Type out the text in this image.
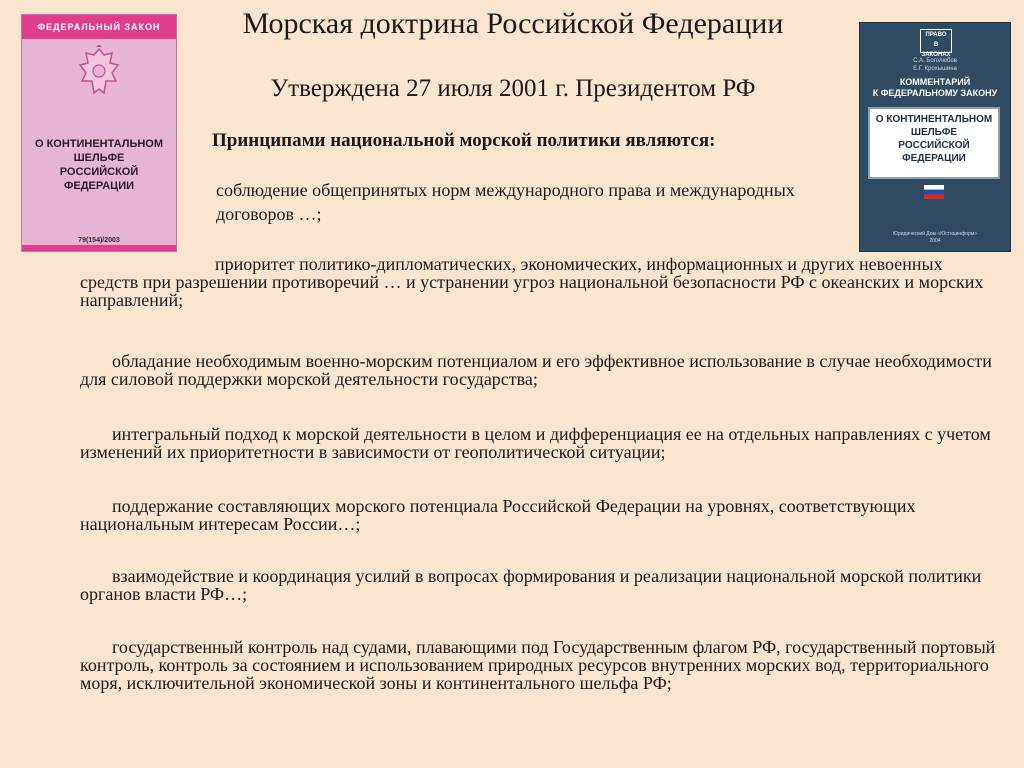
ФЕДЕРАЛЬНЫЙ ЗАКОН
О КОНТИНЕНТАЛЬНОМ
ШЕЛЬФЕ
РОССИЙСКОЙ
ФЕДЕРАЦИИ
79(154)/2003
Морская доктрина Российской Федерации
Утверждена 27 июля 2001 г. Президентом РФ

Принципами национальной морской политики являются:

ПРАВО
В ЗАКОНАХ
С.А. Боголюбов
Е.Г. Крохышина
КОММЕНТАРИЙ
К ФЕДЕРАЛЬНОМУ ЗАКОНУ
О КОНТИНЕНТАЛЬНОМ
ШЕЛЬФЕ
РОССИЙСКОЙ ФЕДЕРАЦИИ
Юридический Дом «Юстицинформ»
2004

соблюдение общепринятых норм международного права и международных договоров …;

приоритет политико-дипломатических, экономических, информационных и других невоенных средств при разрешении противоречий … и устранении угроз национальной безопасности РФ с океанских и морских направлений;

обладание необходимым военно-морским потенциалом и его эффективное использование в случае необходимости для силовой поддержки морской деятельности государства;

интегральный подход к морской деятельности в целом и дифференциация ее на отдельных направлениях с учетом изменений их приоритетности в зависимости от геополитической ситуации;

поддержание составляющих морского потенциала Российской Федерации на уровнях, соответствующих национальным интересам России…;

взаимодействие и координация усилий в вопросах формирования и реализации национальной морской политики органов власти РФ…;

государственный контроль над судами, плавающими под Государственным флагом РФ, государственный портовый контроль, контроль за состоянием и использованием природных ресурсов внутренних морских вод, территориального моря, исключительной экономической зоны и континентального шельфа РФ;
